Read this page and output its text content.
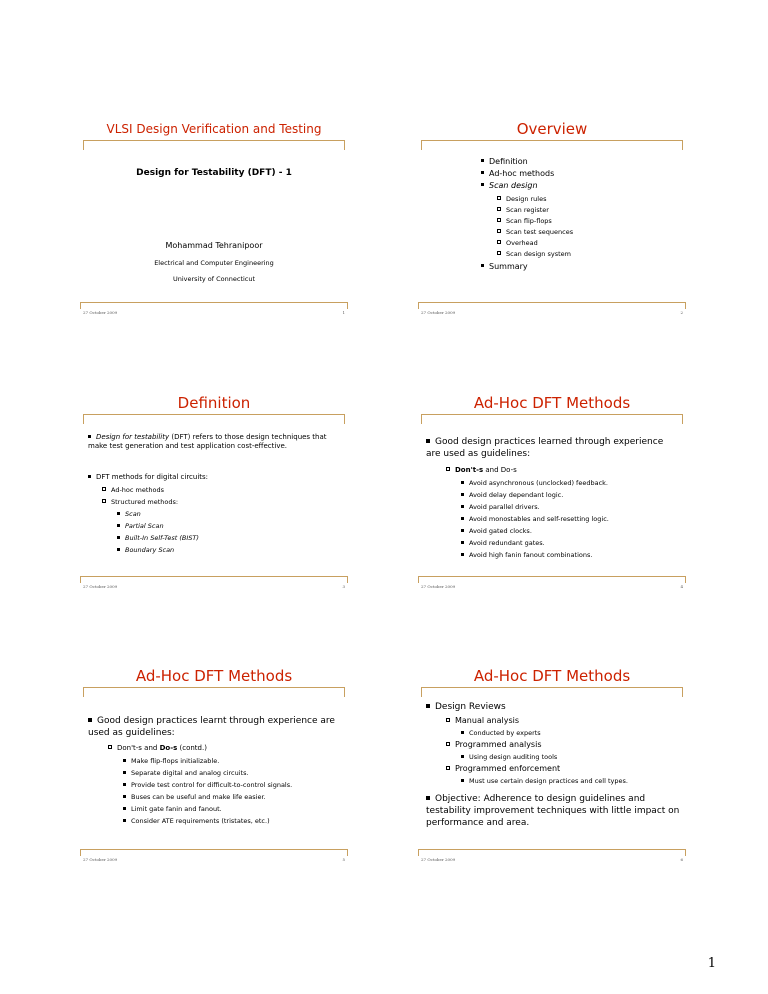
VLSI Design Verification and Testing
Design for Testability (DFT) - 1
Mohammad Tehranipoor
Electrical and Computer Engineering
University of Connecticut
27 October 2009	1
Overview
Definition
Ad-hoc methods
Scan design
Design rules
Scan register
Scan flip-flops
Scan test sequences
Overhead
Scan design system
Summary
27 October 2009	2
Definition
Design for testability (DFT) refers to those design techniques that make test generation and test application cost-effective.
DFT methods for digital circuits:
Ad-hoc methods
Structured methods:
Scan
Partial Scan
Built-In Self-Test (BIST)
Boundary Scan
27 October 2009	3
Ad-Hoc DFT Methods
Good design practices learned through experience are used as guidelines:
Don't-s and Do-s
Avoid asynchronous (unclocked) feedback.
Avoid delay dependant logic.
Avoid parallel drivers.
Avoid monostables and self-resetting logic.
Avoid gated clocks.
Avoid redundant gates.
Avoid high fanin fanout combinations.
27 October 2009	4
Ad-Hoc DFT Methods
Good design practices learnt through experience are used as guidelines:
Don't-s and Do-s (contd.)
Make flip-flops initializable.
Separate digital and analog circuits.
Provide test control for difficult-to-control signals.
Buses can be useful and make life easier.
Limit gate fanin and fanout.
Consider ATE requirements (tristates, etc.)
27 October 2009	5
Ad-Hoc DFT Methods
Design Reviews
Manual analysis
Conducted by experts
Programmed analysis
Using design auditing tools
Programmed enforcement
Must use certain design practices and cell types.
Objective: Adherence to design guidelines and testability improvement techniques with little impact on performance and area.
27 October 2009	6
1
